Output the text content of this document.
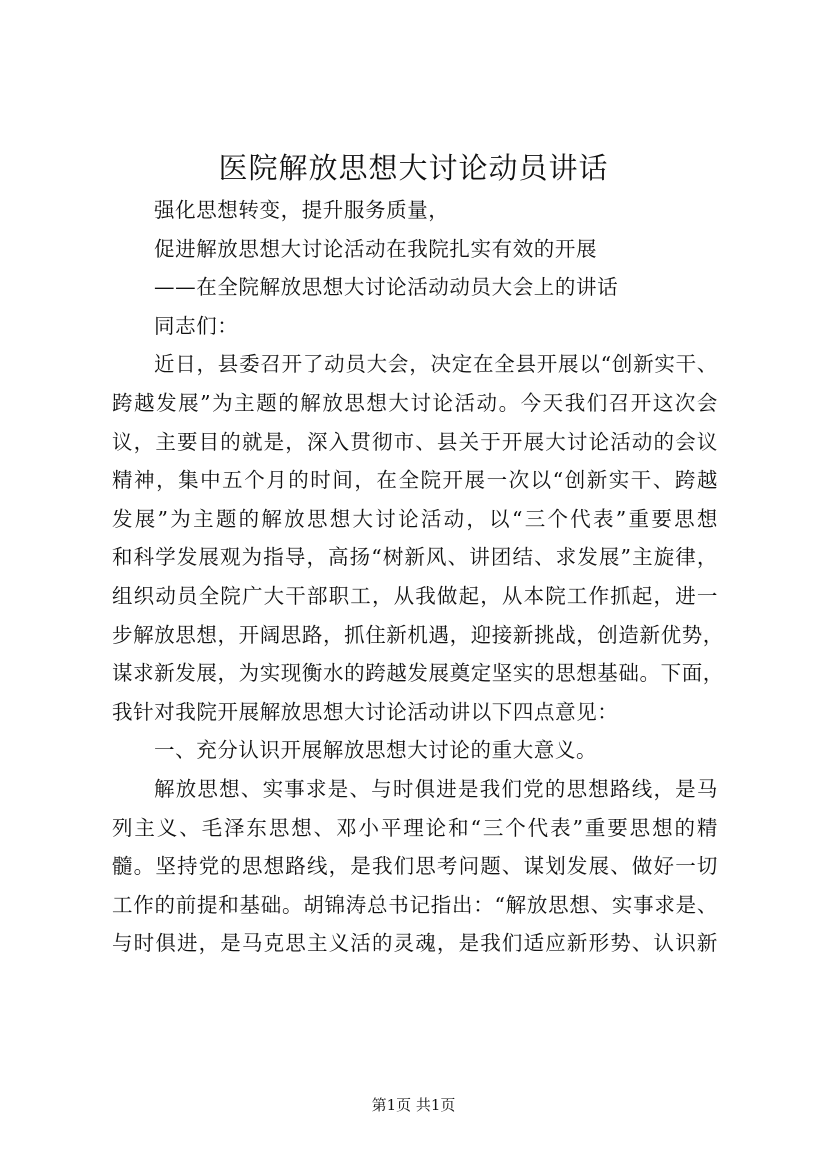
医院解放思想大讨论动员讲话
强化思想转变，提升服务质量，
促进解放思想大讨论活动在我院扎实有效的开展
——在全院解放思想大讨论活动动员大会上的讲话
同志们：
近日，县委召开了动员大会，决定在全县开展以“创新实干、
跨越发展”为主题的解放思想大讨论活动。今天我们召开这次会
议，主要目的就是，深入贯彻市、县关于开展大讨论活动的会议
精神，集中五个月的时间，在全院开展一次以“创新实干、跨越
发展”为主题的解放思想大讨论活动，以“三个代表”重要思想
和科学发展观为指导，高扬“树新风、讲团结、求发展”主旋律，
组织动员全院广大干部职工，从我做起，从本院工作抓起，进一
步解放思想，开阔思路，抓住新机遇，迎接新挑战，创造新优势，
谋求新发展，为实现衡水的跨越发展奠定坚实的思想基础。下面，
我针对我院开展解放思想大讨论活动讲以下四点意见：
一、充分认识开展解放思想大讨论的重大意义。
解放思想、实事求是、与时俱进是我们党的思想路线，是马
列主义、毛泽东思想、邓小平理论和“三个代表”重要思想的精
髓。坚持党的思想路线，是我们思考问题、谋划发展、做好一切
工作的前提和基础。胡锦涛总书记指出：“解放思想、实事求是、
与时俱进，是马克思主义活的灵魂，是我们适应新形势、认识新
第1页 共1页
